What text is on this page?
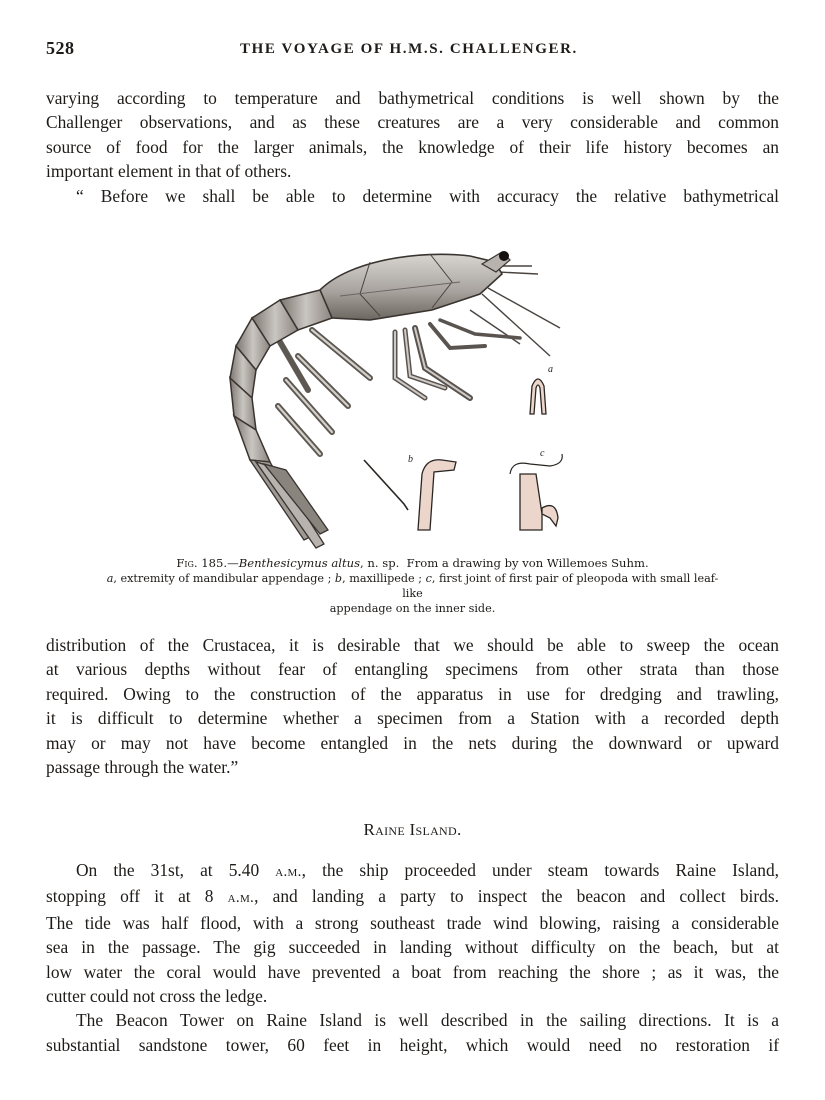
528	THE VOYAGE OF H.M.S. CHALLENGER.

varying according to temperature and bathymetrical conditions is well shown by the
Challenger observations, and as these creatures are a very considerable and common
source of food for the larger animals, the knowledge of their life history becomes an
important element in that of others.

“ Before we shall be able to determine with accuracy the relative bathymetrical

a
b
c
Fig. 185.—Benthesicymus altus, n. sp. From a drawing by von Willemoes Suhm.
a, extremity of mandibular appendage ; b, maxillipede ; c, first joint of first pair of pleopoda with small leaf-like
appendage on the inner side.

distribution of the Crustacea, it is desirable that we should be able to sweep the ocean
at various depths without fear of entangling specimens from other strata than those
required. Owing to the construction of the apparatus in use for dredging and trawling,
it is difficult to determine whether a specimen from a Station with a recorded depth
may or may not have become entangled in the nets during the downward or upward
passage through the water.”

Raine Island.

On the 31st, at 5.40 a.m., the ship proceeded under steam towards Raine Island,
stopping off it at 8 a.m., and landing a party to inspect the beacon and collect birds.
The tide was half flood, with a strong southeast trade wind blowing, raising a considerable
sea in the passage. The gig succeeded in landing without difficulty on the beach, but at
low water the coral would have prevented a boat from reaching the shore ; as it was, the
cutter could not cross the ledge.

The Beacon Tower on Raine Island is well described in the sailing directions. It is a
substantial sandstone tower, 60 feet in height, which would need no restoration if
